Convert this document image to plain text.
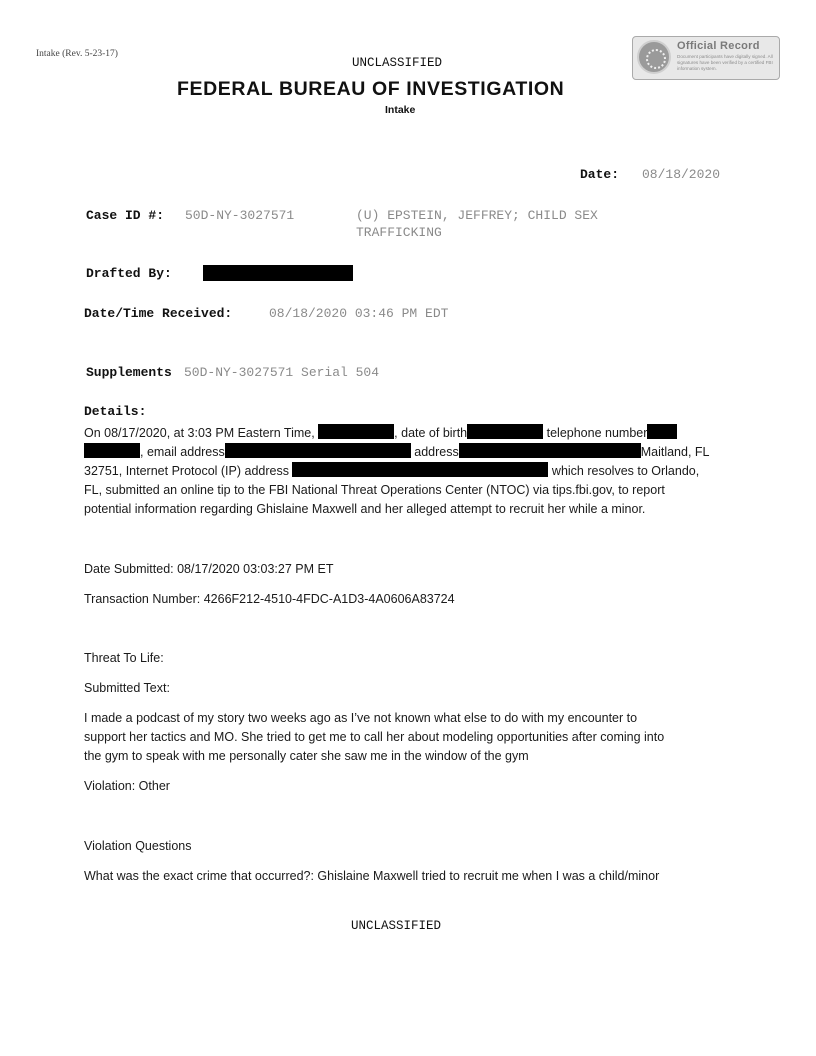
Intake (Rev. 5-23-17)
UNCLASSIFIED
Official Record
Document participants have digitally signed. All signatures have been verified by a certified FBI information system.
FEDERAL BUREAU OF INVESTIGATION
Intake
Date: 08/18/2020
Case ID #: 50D-NY-3027571	(U) EPSTEIN, JEFFREY; CHILD SEX
TRAFFICKING
Drafted By:
Date/Time Received:	08/18/2020 03:46 PM EDT
Supplements 50D-NY-3027571 Serial 504
Details:
On 08/17/2020, at 3:03 PM Eastern Time,	, date of birth	telephone number
, email address	address	Maitland, FL
32751, Internet Protocol (IP) address	which resolves to Orlando,
FL, submitted an online tip to the FBI National Threat Operations Center (NTOC) via tips.fbi.gov, to report
potential information regarding Ghislaine Maxwell and her alleged attempt to recruit her while a minor.
Date Submitted: 08/17/2020 03:03:27 PM ET
Transaction Number: 4266F212-4510-4FDC-A1D3-4A0606A83724
Threat To Life:
Submitted Text:
I made a podcast of my story two weeks ago as I’ve not known what else to do with my encounter to
support her tactics and MO. She tried to get me to call her about modeling opportunities after coming into
the gym to speak with me personally cater she saw me in the window of the gym
Violation: Other
Violation Questions
What was the exact crime that occurred?: Ghislaine Maxwell tried to recruit me when I was a child/minor
UNCLASSIFIED
